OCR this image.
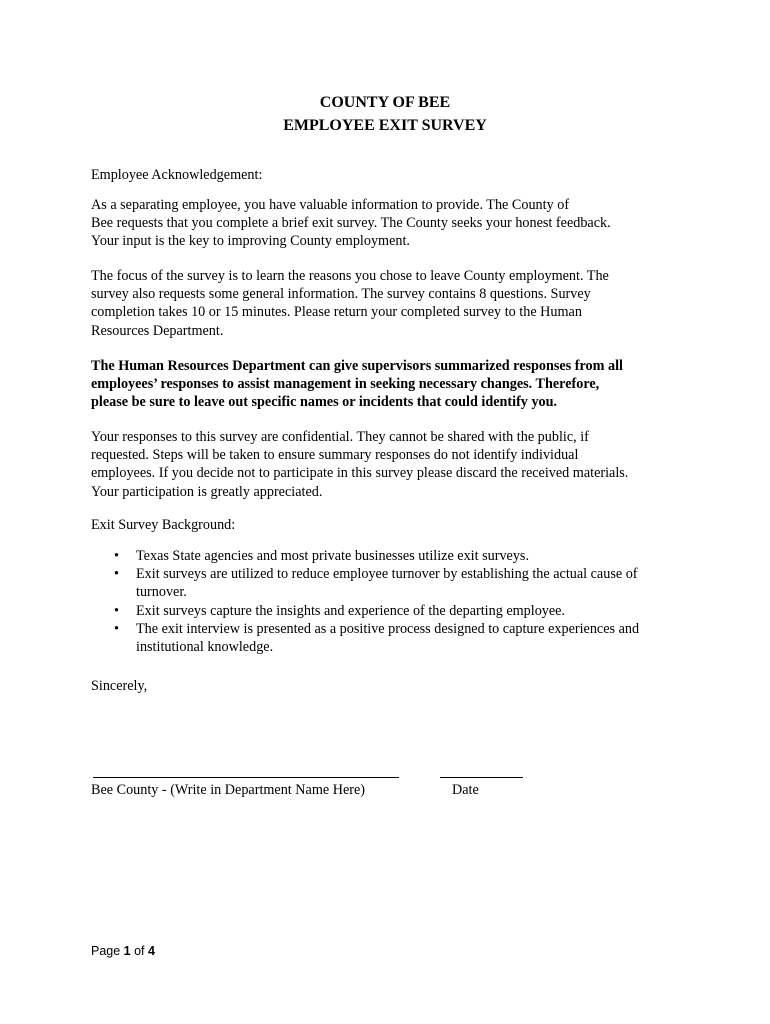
COUNTY OF BEE
EMPLOYEE EXIT SURVEY

Employee Acknowledgement:

As a separating employee, you have valuable information to provide. The County of
Bee requests that you complete a brief exit survey. The County seeks your honest feedback.
Your input is the key to improving County employment.

The focus of the survey is to learn the reasons you chose to leave County employment. The
survey also requests some general information. The survey contains 8 questions. Survey
completion takes 10 or 15 minutes. Please return your completed survey to the Human
Resources Department.

The Human Resources Department can give supervisors summarized responses from all
employees’ responses to assist management in seeking necessary changes. Therefore,
please be sure to leave out specific names or incidents that could identify you.

Your responses to this survey are confidential. They cannot be shared with the public, if
requested. Steps will be taken to ensure summary responses do not identify individual
employees. If you decide not to participate in this survey please discard the received materials.
Your participation is greatly appreciated.

Exit Survey Background:

• Texas State agencies and most private businesses utilize exit surveys.
• Exit surveys are utilized to reduce employee turnover by establishing the actual cause of
turnover.
• Exit surveys capture the insights and experience of the departing employee.
• The exit interview is presented as a positive process designed to capture experiences and
institutional knowledge.

Sincerely,

Bee County - (Write in Department Name Here)	Date
Page 1 of 4
